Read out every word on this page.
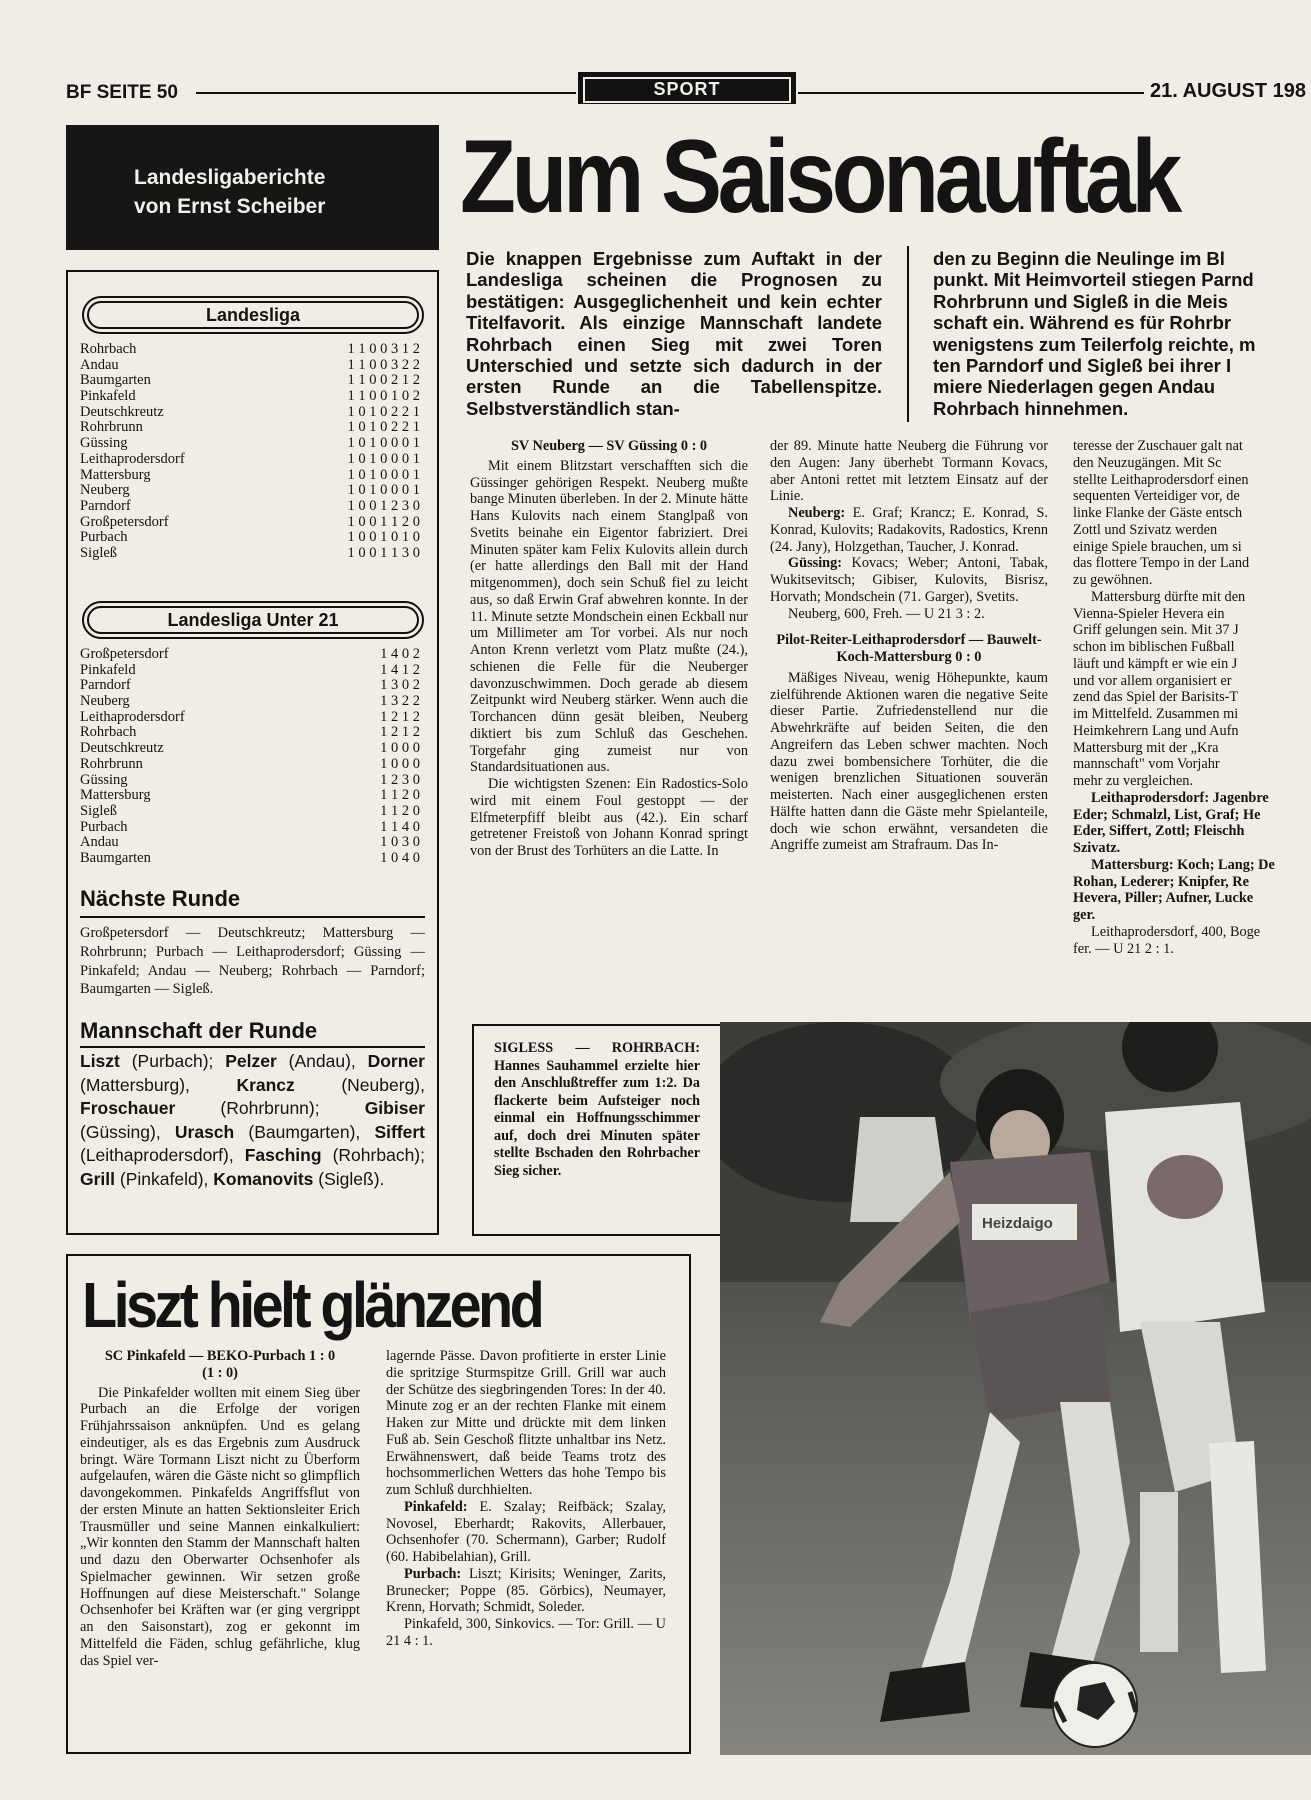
BF SEITE 50	SPORT	21. AUGUST 198
Landesligaberichte
von Ernst Scheiber	Zum Saisonauftak
Landesliga
Rohrbach	1 1 0 0 3 1 2
Andau	1 1 0 0 3 2 2
Baumgarten	1 1 0 0 2 1 2
Pinkafeld	1 1 0 0 1 0 2
Deutschkreutz	1 0 1 0 2 2 1
Rohrbrunn	1 0 1 0 2 2 1
Güssing	1 0 1 0 0 0 1
Leithaprodersdorf	1 0 1 0 0 0 1
Mattersburg	1 0 1 0 0 0 1
Neuberg	1 0 1 0 0 0 1
Parndorf	1 0 0 1 2 3 0
Großpetersdorf	1 0 0 1 1 2 0
Purbach	1 0 0 1 0 1 0
Sigleß	1 0 0 1 1 3 0
Landesliga Unter 21
Großpetersdorf	1 4 0 2
Pinkafeld	1 4 1 2
Parndorf	1 3 0 2
Neuberg	1 3 2 2
Leithaprodersdorf	1 2 1 2
Rohrbach	1 2 1 2
Deutschkreutz	1 0 0 0
Rohrbrunn	1 0 0 0
Güssing	1 2 3 0
Mattersburg	1 1 2 0
Sigleß	1 1 2 0
Purbach	1 1 4 0
Andau	1 0 3 0
Baumgarten	1 0 4 0
Nächste Runde
Großpetersdorf — Deutschkreutz; Mattersburg — Rohrbrunn; Purbach — Leithaprodersdorf; Güssing — Pinkafeld; Andau — Neuberg; Rohrbach — Parndorf; Baumgarten — Sigleß.
Mannschaft der Runde
Liszt (Purbach); Pelzer (Andau), Dorner (Mattersburg), Krancz (Neuberg), Froschauer (Rohrbrunn); Gibiser (Güssing), Urasch (Baumgarten), Siffert (Leithaprodersdorf), Fasching (Rohrbach); Grill (Pinkafeld), Komanovits (Sigleß).
Die knappen Ergebnisse zum Auftakt in der Landesliga scheinen die Prognosen zu bestätigen: Ausgeglichenheit und kein echter Titelfavorit. Als einzige Mannschaft landete Rohrbach einen Sieg mit zwei Toren Unterschied und setzte sich dadurch in der ersten Runde an die Tabellenspitze. Selbstverständlich stan-
den zu Beginn die Neulinge im Bl
punkt. Mit Heimvorteil stiegen Parnd
Rohrbrunn und Sigleß in die Meis
schaft ein. Während es für Rohrbr
wenigstens zum Teilerfolg reichte, m
ten Parndorf und Sigleß bei ihrer I
miere Niederlagen gegen Andau
Rohrbach hinnehmen.

SV Neuberg — SV Güssing 0 : 0

Mit einem Blitzstart verschafften sich die Güssinger gehörigen Respekt. Neuberg mußte bange Minuten überleben. In der 2. Minute hätte Hans Kulovits nach einem Stanglpaß von Svetits beinahe ein Eigentor fabriziert. Drei Minuten später kam Felix Kulovits allein durch (er hatte allerdings den Ball mit der Hand mitgenommen), doch sein Schuß fiel zu leicht aus, so daß Erwin Graf abwehren konnte. In der 11. Minute setzte Mondschein einen Eckball nur um Millimeter am Tor vorbei. Als nur noch Anton Krenn verletzt vom Platz mußte (24.), schienen die Felle für die Neuberger davonzuschwimmen. Doch gerade ab diesem Zeitpunkt wird Neuberg stärker. Wenn auch die Torchancen dünn gesät bleiben, Neuberg diktiert bis zum Schluß das Geschehen. Torgefahr ging zumeist nur von Standardsituationen aus.

Die wichtigsten Szenen: Ein Radostics-Solo wird mit einem Foul gestoppt — der Elfmeterpfiff bleibt aus (42.). Ein scharf getretener Freistoß von Johann Konrad springt von der Brust des Torhüters an die Latte. In

der 89. Minute hatte Neuberg die Führung vor den Augen: Jany überhebt Tormann Kovacs, aber Antoni rettet mit letztem Einsatz auf der Linie.

Neuberg: E. Graf; Krancz; E. Konrad, S. Konrad, Kulovits; Radakovits, Radostics, Krenn (24. Jany), Holzgethan, Taucher, J. Konrad.

Güssing: Kovacs; Weber; Antoni, Tabak, Wukitsevitsch; Gibiser, Kulovits, Bisrisz, Horvath; Mondschein (71. Garger), Svetits.

Neuberg, 600, Freh. — U 21 3 : 2.

Pilot-Reiter-Leithaprodersdorf — Bauwelt-Koch-Mattersburg 0 : 0

Mäßiges Niveau, wenig Höhepunkte, kaum zielführende Aktionen waren die negative Seite dieser Partie. Zufriedenstellend nur die Abwehrkräfte auf beiden Seiten, die den Angreifern das Leben schwer machten. Noch dazu zwei bombensichere Torhüter, die die wenigen brenzlichen Situationen souverän meisterten. Nach einer ausgeglichenen ersten Hälfte hatten dann die Gäste mehr Spielanteile, doch wie schon erwähnt, versandeten die Angriffe zumeist am Strafraum. Das In-

teresse der Zuschauer galt nat
den Neuzugängen. Mit Sc
stellte Leithaprodersdorf einen
sequenten Verteidiger vor, de
linke Flanke der Gäste entsch
Zottl und Szivatz werden
einige Spiele brauchen, um si
das flottere Tempo in der Land
zu gewöhnen.
Mattersburg dürfte mit den
Vienna-Spieler Hevera ein
Griff gelungen sein. Mit 37 J
schon im biblischen Fußball
läuft und kämpft er wie ein J
und vor allem organisiert er
zend das Spiel der Barisits-T
im Mittelfeld. Zusammen mi
Heimkehrern Lang und Aufn
Mattersburg mit der „Kra
mannschaft" vom Vorjahr
mehr zu vergleichen.
Leithaprodersdorf: Jagenbre
Eder; Schmalzl, List, Graf; He
Eder, Siffert, Zottl; Fleischh
Szivatz.
Mattersburg: Koch; Lang; De
Rohan, Lederer; Knipfer, Re
Hevera, Piller; Aufner, Lucke
ger.
Leithaprodersdorf, 400, Boge
fer. — U 21 2 : 1.
SIGLESS — ROHRBACH: Hannes Sauhammel erzielte hier den Anschlußtreffer zum 1:2. Da flackerte beim Aufsteiger noch einmal ein Hoffnungsschimmer auf, doch drei Minuten später stellte Bschaden den Rohrbacher Sieg sicher.
Heizdaigo
Liszt hielt glänzend

SC Pinkafeld — BEKO-Purbach 1 : 0

(1 : 0)

Die Pinkafelder wollten mit einem Sieg über Purbach an die Erfolge der vorigen Frühjahrssaison anknüpfen. Und es gelang eindeutiger, als es das Ergebnis zum Ausdruck bringt. Wäre Tormann Liszt nicht zu Überform aufgelaufen, wären die Gäste nicht so glimpflich davongekommen. Pinkafelds Angriffsflut von der ersten Minute an hatten Sektionsleiter Erich Trausmüller und seine Mannen einkalkuliert: „Wir konnten den Stamm der Mannschaft halten und dazu den Oberwarter Ochsenhofer als Spielmacher gewinnen. Wir setzen große Hoffnungen auf diese Meisterschaft." Solange Ochsenhofer bei Kräften war (er ging vergrippt an den Saisonstart), zog er gekonnt im Mittelfeld die Fäden, schlug gefährliche, klug das Spiel ver-

lagernde Pässe. Davon profitierte in erster Linie die spritzige Sturmspitze Grill. Grill war auch der Schütze des siegbringenden Tores: In der 40. Minute zog er an der rechten Flanke mit einem Haken zur Mitte und drückte mit dem linken Fuß ab. Sein Geschoß flitzte unhaltbar ins Netz. Erwähnenswert, daß beide Teams trotz des hochsommerlichen Wetters das hohe Tempo bis zum Schluß durchhielten.

Pinkafeld: E. Szalay; Reifbäck; Szalay, Novosel, Eberhardt; Rakovits, Allerbauer, Ochsenhofer (70. Schermann), Garber; Rudolf (60. Habibelahian), Grill.

Purbach: Liszt; Kirisits; Weninger, Zarits, Brunecker; Poppe (85. Görbics), Neumayer, Krenn, Horvath; Schmidt, Soleder.

Pinkafeld, 300, Sinkovics. — Tor: Grill. — U 21 4 : 1.
